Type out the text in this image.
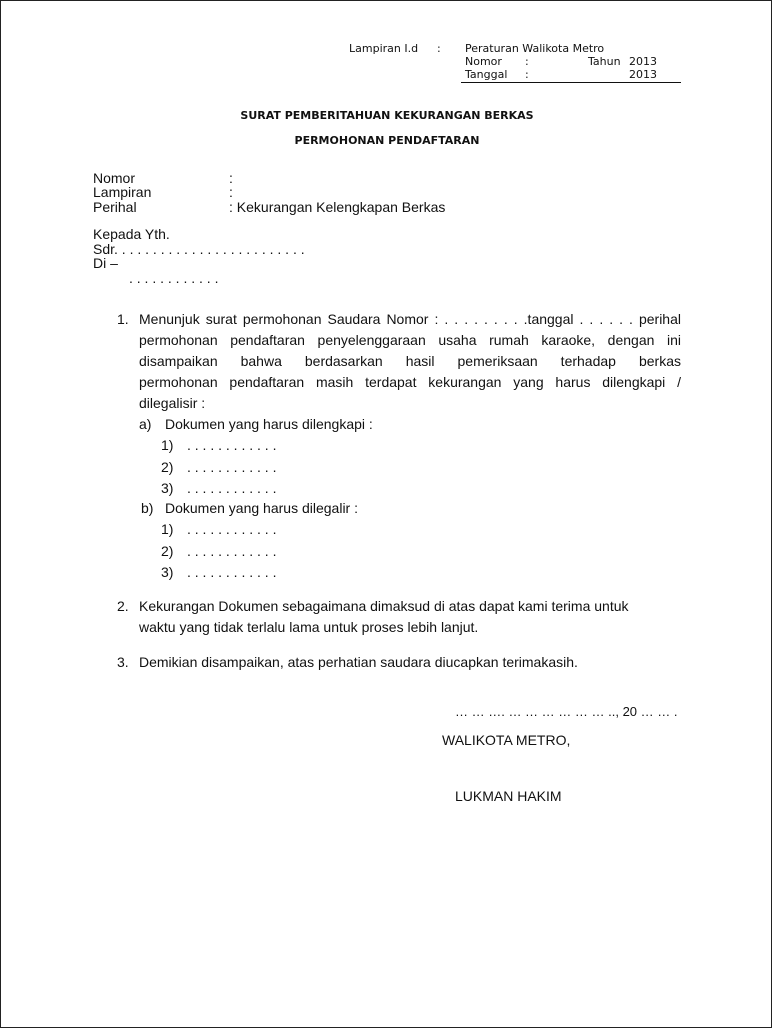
Lampiran I.d : Peraturan Walikota Metro
Nomor :	Tahun 2013
Tanggal :	2013
SURAT PEMBERITAHUAN KEKURANGAN BERKAS
PERMOHONAN PENDAFTARAN
Nomor	:
Lampiran	:
Perihal	: Kekurangan Kelengkapan Berkas
Kepada Yth.
Sdr. . . . . . . . . . . . . . . . . . . . . . . . .
Di –
. . . . . . . . . . . .
1. Menunjuk surat permohonan Saudara Nomor : . . . . . . . . .tanggal . . . . . . perihal
permohonan pendaftaran penyelenggaraan usaha rumah karaoke, dengan ini
disampaikan bahwa berdasarkan hasil pemeriksaan terhadap berkas
permohonan pendaftaran masih terdapat kekurangan yang harus dilengkapi /
dilegalisir :
a) Dokumen yang harus dilengkapi :
1) . . . . . . . . . . . .
2) . . . . . . . . . . . .
3) . . . . . . . . . . . .
b) Dokumen yang harus dilegalir :
1) . . . . . . . . . . . .
2) . . . . . . . . . . . .
3) . . . . . . . . . . . .
2. Kekurangan Dokumen sebagaimana dimaksud di atas dapat kami terima untuk
waktu yang tidak terlalu lama untuk proses lebih lanjut.
3. Demikian disampaikan, atas perhatian saudara diucapkan terimakasih.
… … …. … … … … … … .., 20 … … .
WALIKOTA METRO,
LUKMAN HAKIM
